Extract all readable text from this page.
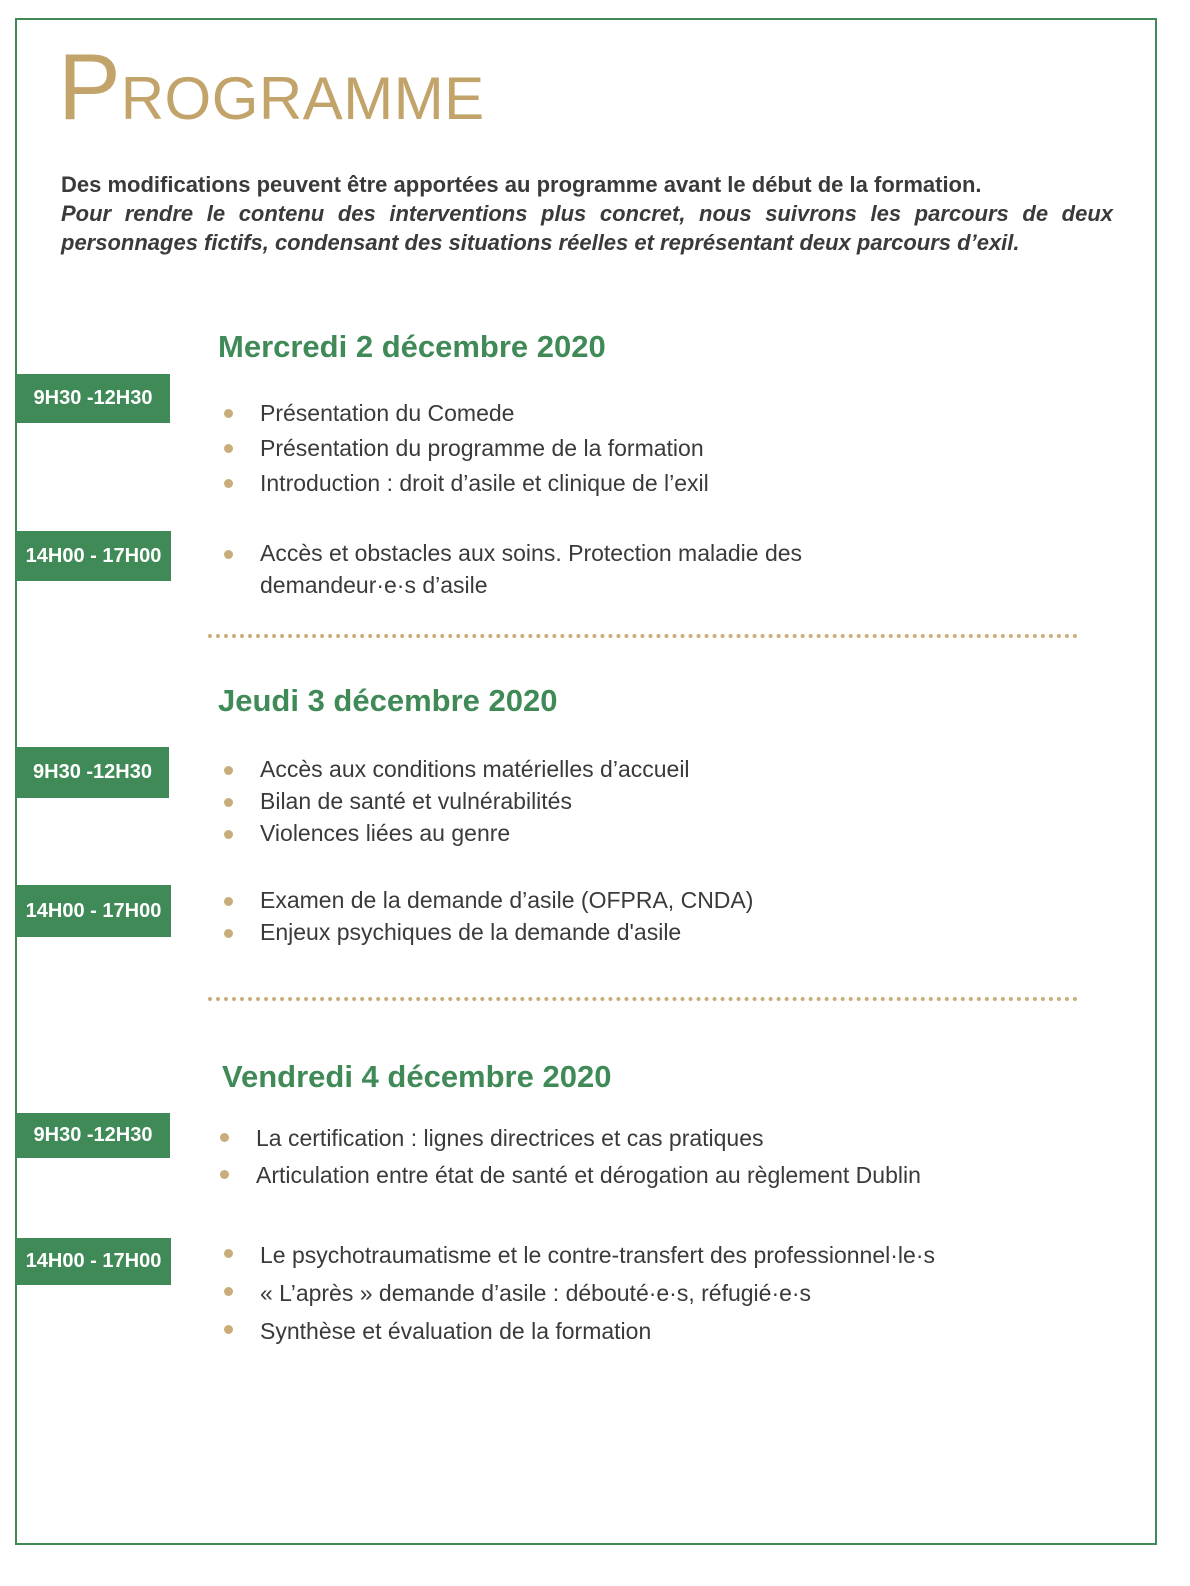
PROGRAMME

Des modifications peuvent être apportées au programme avant le début de la formation.
Pour rendre le contenu des interventions plus concret, nous suivrons les parcours de deux personnages fictifs, condensant des situations réelles et représentant deux parcours d’exil.

Mercredi 2 décembre 2020
9H30 -12H30
Présentation du Comede
Présentation du programme de la formation
Introduction : droit d’asile et clinique de l’exil
14H00 - 17H00	Accès et obstacles aux soins. Protection maladie des demandeur·e·s d’asile
Jeudi 3 décembre 2020
9H30 -12H30	Accès aux conditions matérielles d’accueil
Bilan de santé et vulnérabilités
Violences liées au genre
14H00 - 17H00	Examen de la demande d’asile (OFPRA, CNDA)
Enjeux psychiques de la demande d'asile
Vendredi 4 décembre 2020
9H30 -12H30	La certification : lignes directrices et cas pratiques
Articulation entre état de santé et dérogation au règlement Dublin
14H00 - 17H00	Le psychotraumatisme et le contre-transfert des professionnel·le·s
« L’après » demande d’asile : débouté·e·s, réfugié·e·s
Synthèse et évaluation de la formation
